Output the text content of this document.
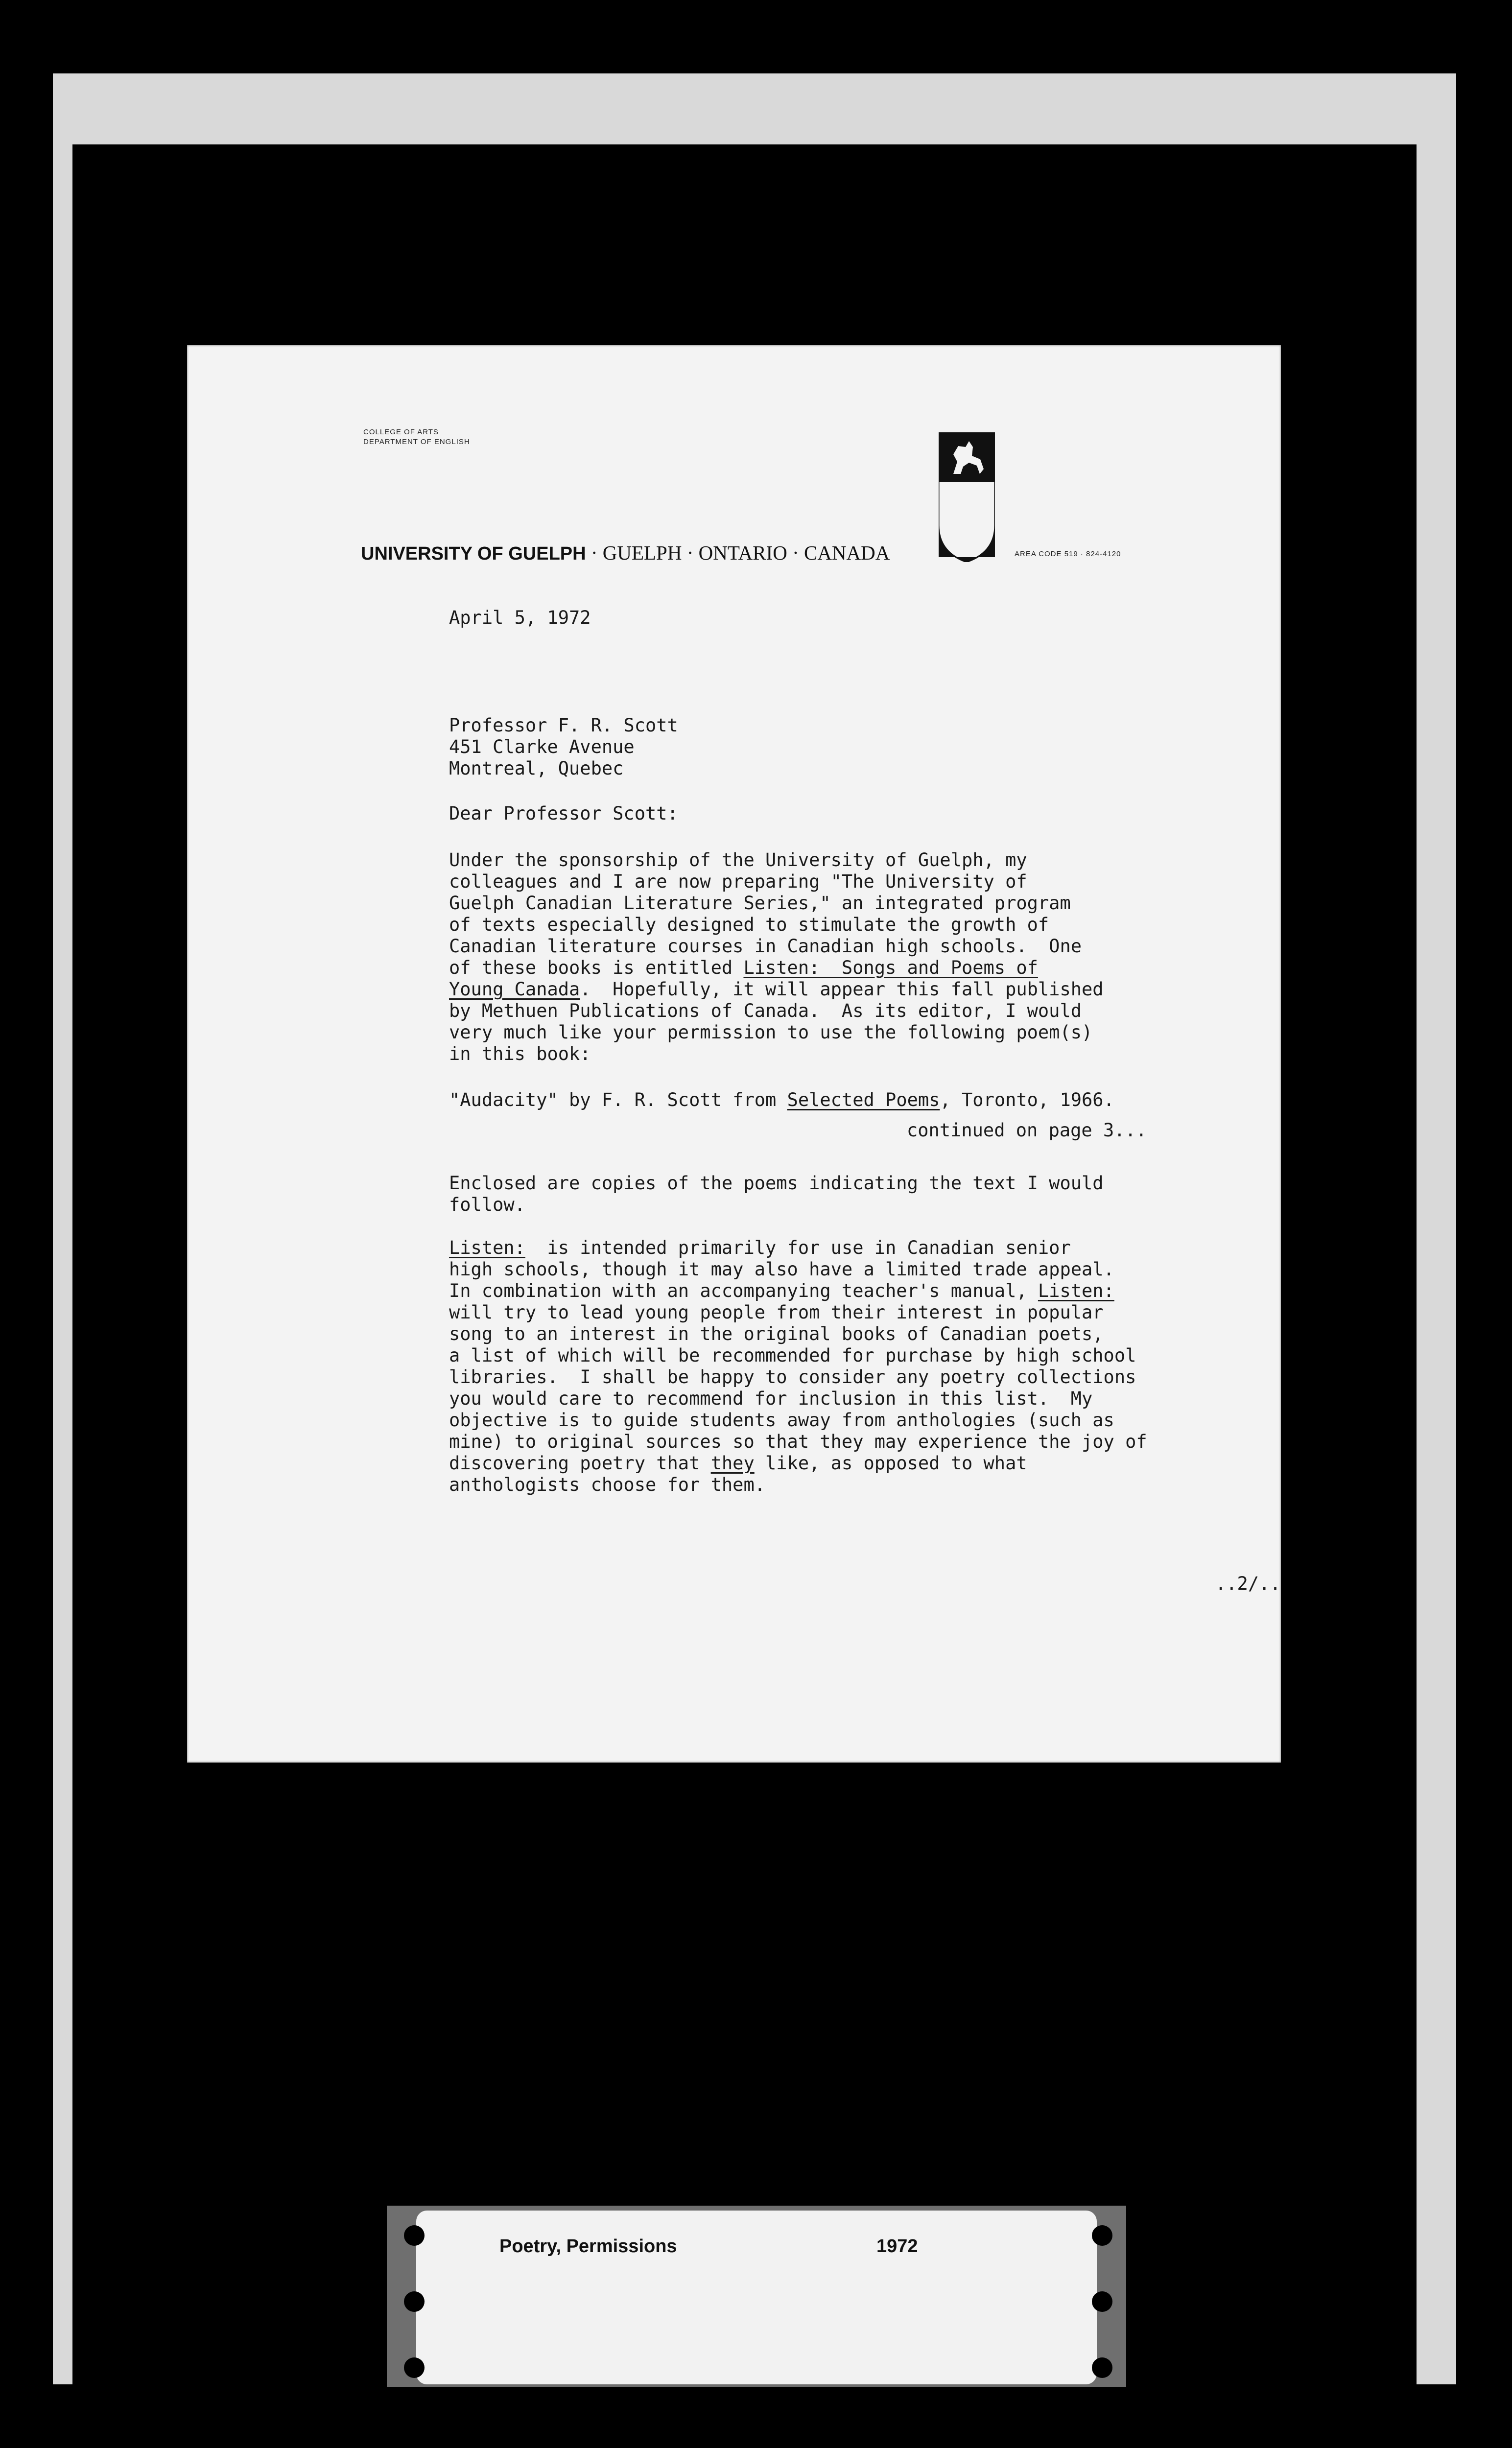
COLLEGE OF ARTS
DEPARTMENT OF ENGLISH
UNIVERSITY OF GUELPH · GUELPH · ONTARIO · CANADA	AREA CODE 519 · 824-4120

April 5, 1972

Professor F. R. Scott

451 Clarke Avenue

Montreal, Quebec

Dear Professor Scott:

Under the sponsorship of the University of Guelph, my

colleagues and I are now preparing "The University of

Guelph Canadian Literature Series," an integrated program

of texts especially designed to stimulate the growth of

Canadian literature courses in Canadian high schools.  One

of these books is entitled Listen:  Songs and Poems of

Young Canada.  Hopefully, it will appear this fall published

by Methuen Publications of Canada.  As its editor, I would

very much like your permission to use the following poem(s)

in this book:

"Audacity" by F. R. Scott from Selected Poems, Toronto, 1966.

continued on page 3...

Enclosed are copies of the poems indicating the text I would

follow.

Listen:  is intended primarily for use in Canadian senior

high schools, though it may also have a limited trade appeal.

In combination with an accompanying teacher's manual, Listen:

will try to lead young people from their interest in popular

song to an interest in the original books of Canadian poets,

a list of which will be recommended for purchase by high school

libraries.  I shall be happy to consider any poetry collections

you would care to recommend for inclusion in this list.  My

objective is to guide students away from anthologies (such as

mine) to original sources so that they may experience the joy of

discovering poetry that they like, as opposed to what

anthologists choose for them.

..2/..

Poetry, Permissions	1972
